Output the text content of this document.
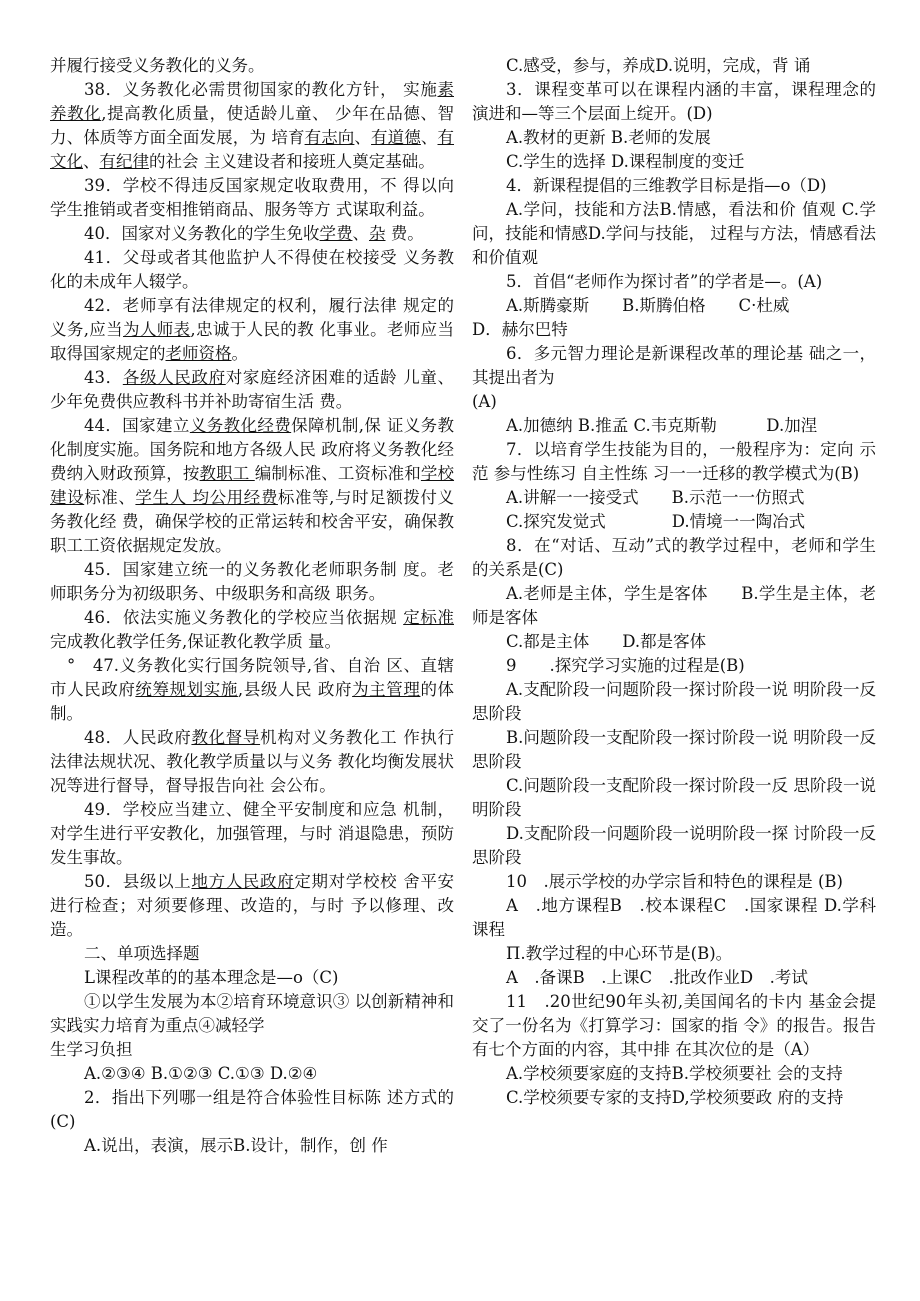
并履行接受义务教化的义务。

38．义务教化必需贯彻国家的教化方针， 实施素养教化,提高教化质量，使适龄儿童、 少年在品德、智力、体质等方面全面发展，为 培育有志向、有道德、有文化、有纪律的社会 主义建设者和接班人奠定基础。

39．学校不得违反国家规定收取费用，不 得以向学生推销或者变相推销商品、服务等方 式谋取利益。

40．国家对义务教化的学生免收学费、杂 费。

41．父母或者其他监护人不得使在校接受 义务教化的未成年人辍学。

42．老师享有法律规定的权利，履行法律 规定的义务,应当为人师表,忠诚于人民的教 化事业。老师应当取得国家规定的老师资格。

43．各级人民政府对家庭经济困难的适龄 儿童、少年免费供应教科书并补助寄宿生活 费。

44．国家建立义务教化经费保障机制,保 证义务教化制度实施。国务院和地方各级人民 政府将义务教化经费纳入财政预算，按教职工 编制标准、工资标准和学校建设标准、学生人 均公用经费标准等,与时足额拨付义务教化经 费，确保学校的正常运转和校舍平安，确保教 职工工资依据规定发放。

45．国家建立统一的义务教化老师职务制 度。老师职务分为初级职务、中级职务和高级 职务。

46．依法实施义务教化的学校应当依据规 定标准完成教化教学任务,保证教化教学质 量。

　°　47.义务教化实行国务院领导,省、自治 区、直辖市人民政府统筹规划实施,县级人民 政府为主管理的体制。

48．人民政府教化督导机构对义务教化工 作执行法律法规状况、教化教学质量以与义务 教化均衡发展状况等进行督导，督导报告向社 会公布。

49．学校应当建立、健全平安制度和应急 机制，对学生进行平安教化，加强管理，与时 消退隐患，预防发生事故。

50．县级以上地方人民政府定期对学校校 舍平安进行检查；对须要修理、改造的，与时 予以修理、改造。

二、单项选择题

L课程改革的的基本理念是—o（C)

①以学生发展为本②培育环境意识③ 以创新精神和实践实力培育为重点④减轻学

生学习负担

A.②③④ B.①②③ C.①③ D.②④

2．指出下列哪一组是符合体验性目标陈 述方式的(C)

A.说出，表演，展示B.设计，制作，创 作

C.感受，参与，养成D.说明，完成，背 诵

3．课程变革可以在课程内涵的丰富，课程理念的演进和—等三个层面上绽开。(D)

A.教材的更新 B.老师的发展

C.学生的选择 D.课程制度的变迁

4．新课程提倡的三维教学目标是指—o（D)

A.学问，技能和方法B.情感，看法和价 值观 C.学问，技能和情感D.学问与技能， 过程与方法，情感看法和价值观

5．首倡“老师作为探讨者”的学者是—。(A)

A.斯腾豪斯　　B.斯腾伯格　　C·杜威

D．赫尔巴特

6．多元智力理论是新课程改革的理论基 础之一，其提出者为

(A)

A.加德纳 B.推孟 C.韦克斯勒　　　D.加涅

7．以培育学生技能为目的，一般程序为：定向 示范 参与性练习 自主性练 习一一迁移的教学模式为(B)

A.讲解一一接受式　　B.示范一一仿照式

C.探究发觉式　　　　D.情境一一陶冶式

8．在“对话、互动”式的教学过程中，老师和学生的关系是(C)

A.老师是主体，学生是客体　　B.学生是主体，老师是客体

C.都是主体　　D.都是客体

9　　.探究学习实施的过程是(B)

A.支配阶段一问题阶段一探讨阶段一说 明阶段一反思阶段

B.问题阶段一支配阶段一探讨阶段一说 明阶段一反思阶段

C.问题阶段一支配阶段一探讨阶段一反 思阶段一说明阶段

D.支配阶段一问题阶段一说明阶段一探 讨阶段一反思阶段

10　.展示学校的办学宗旨和特色的课程是 (B)

A　.地方课程B　.校本课程C　.国家课程 D.学科课程

Π.教学过程的中心环节是(B)。

A　.备课B　.上课C　.批改作业D　.考试

11　.20世纪90年头初,美国闻名的卡内 基金会提交了一份名为《打算学习：国家的指 令》的报告。报告有七个方面的内容，其中排 在其次位的是（A）

A.学校须要家庭的支持B.学校须要社 会的支持

C.学校须要专家的支持D,学校须要政 府的支持
